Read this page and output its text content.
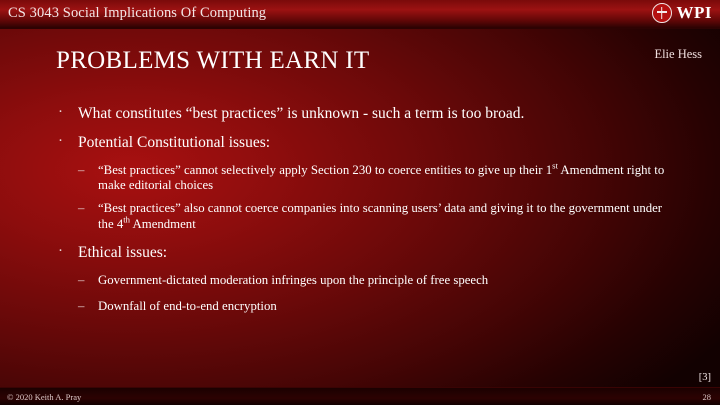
CS 3043 Social Implications Of Computing	WPI
PROBLEMS WITH EARN IT	Elie Hess
· What constitutes “best practices” is unknown - such a term is too broad.
· Potential Constitutional issues:
– “Best practices” cannot selectively apply Section 230 to coerce entities to give up their 1st Amendment right to make editorial choices
– “Best practices” also cannot coerce companies into scanning users’ data and giving it to the government under the 4th Amendment
· Ethical issues:
– Government-dictated moderation infringes upon the principle of free speech
– Downfall of end-to-end encryption
[3]
© 2020 Keith A. Pray	28
